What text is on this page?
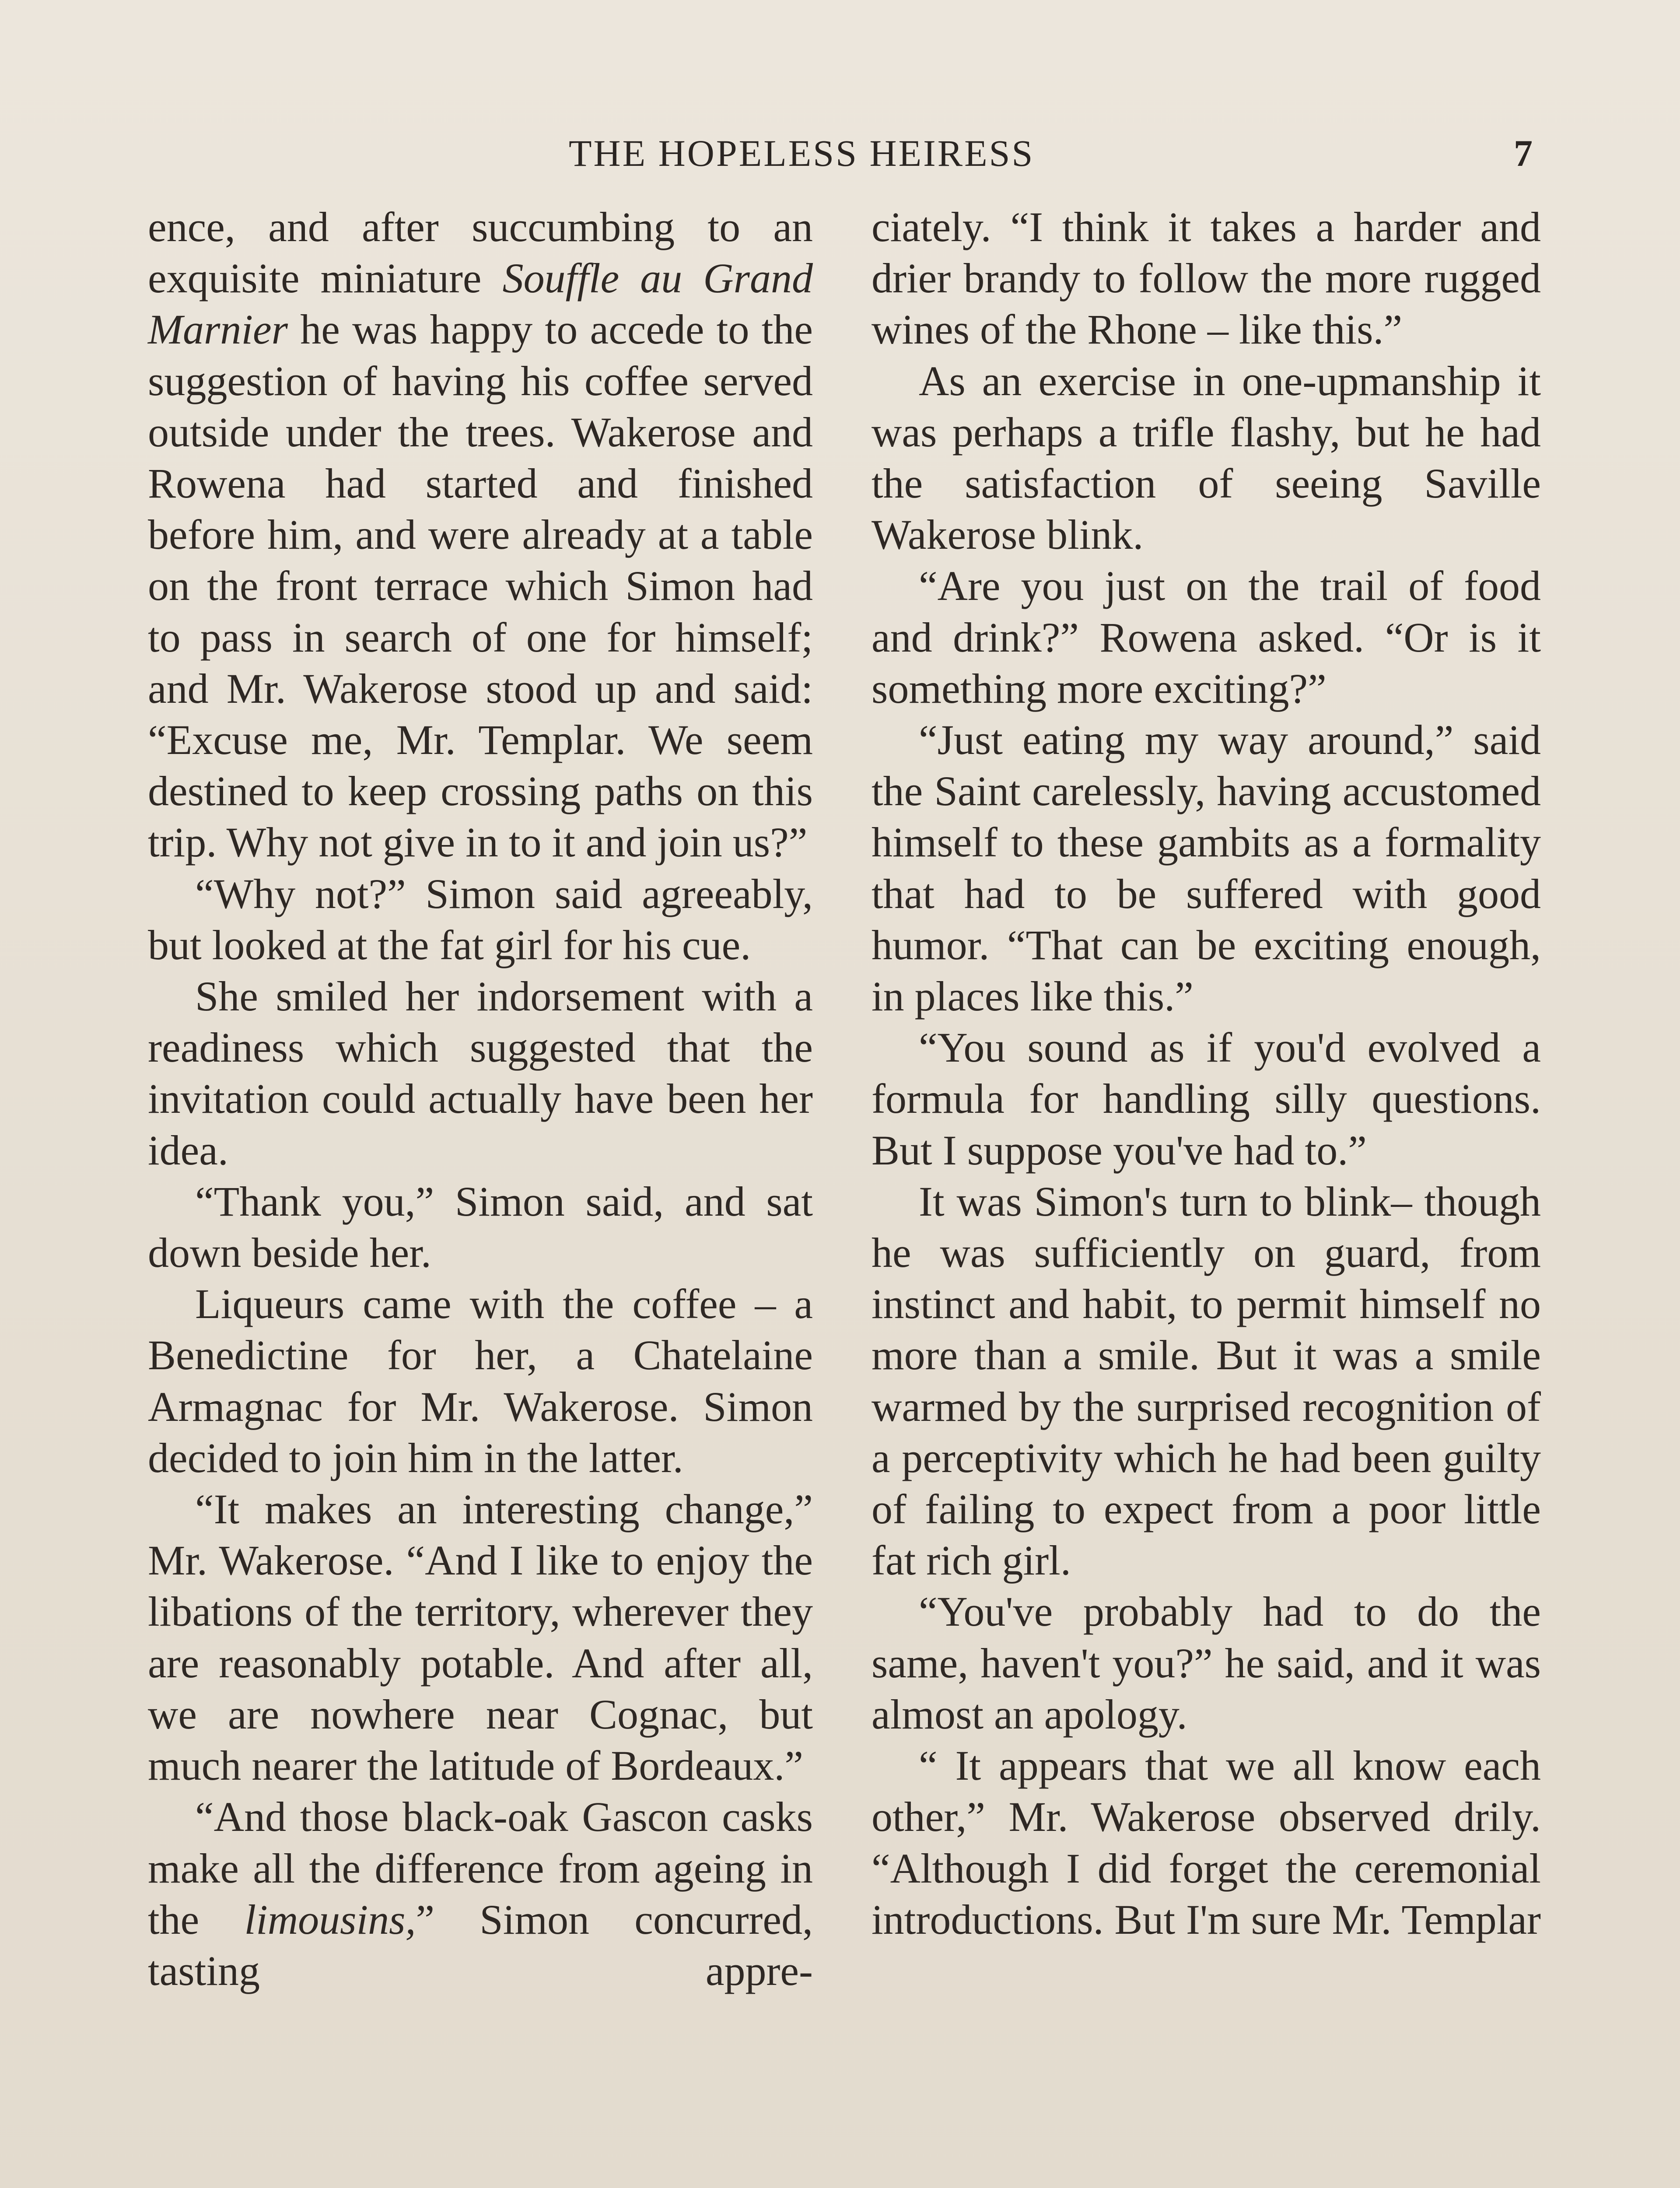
THE HOPELESS HEIRESS	7

ence, and after succumbing to an exquisite miniature Souffle au Grand Marnier he was happy to accede to the suggestion of having his coffee served outside under the trees. Wakerose and Rowena had started and finished before him, and were already at a table on the front terrace which Simon had to pass in search of one for himself; and Mr. Wakerose stood up and said: “Excuse me, Mr. Templar. We seem destined to keep crossing paths on this trip. Why not give in to it and join us?”

“Why not?” Simon said agreeably, but looked at the fat girl for his cue.

She smiled her indorsement with a readiness which suggested that the invitation could actually have been her idea.

“Thank you,” Simon said, and sat down beside her.

Liqueurs came with the coffee – a Benedictine for her, a Chatelaine Armagnac for Mr. Wakerose. Simon decided to join him in the latter.

“It makes an interesting change,” Mr. Wakerose. “And I like to enjoy the libations of the territory, wherever they are reasonably potable. And after all, we are nowhere near Cognac, but much nearer the latitude of Bordeaux.”

“And those black-oak Gascon casks make all the difference from ageing in the limousins,” Simon concurred, tasting appre-

ciately. “I think it takes a harder and drier brandy to follow the more rugged wines of the Rhone – like this.”

As an exercise in one-upmanship it was perhaps a trifle flashy, but he had the satisfaction of seeing Saville Wakerose blink.

“Are you just on the trail of food and drink?” Rowena asked. “Or is it something more exciting?”

“Just eating my way around,” said the Saint carelessly, having accustomed himself to these gambits as a formality that had to be suffered with good humor. “That can be exciting enough, in places like this.”

“You sound as if you'd evolved a formula for handling silly questions. But I suppose you've had to.”

It was Simon's turn to blink– though he was sufficiently on guard, from instinct and habit, to permit himself no more than a smile. But it was a smile warmed by the surprised recognition of a perceptivity which he had been guilty of failing to expect from a poor little fat rich girl.

“You've probably had to do the same, haven't you?” he said, and it was almost an apology.

“ It appears that we all know each other,” Mr. Wakerose observed drily. “Although I did forget the ceremonial introductions. But I'm sure Mr. Templar
